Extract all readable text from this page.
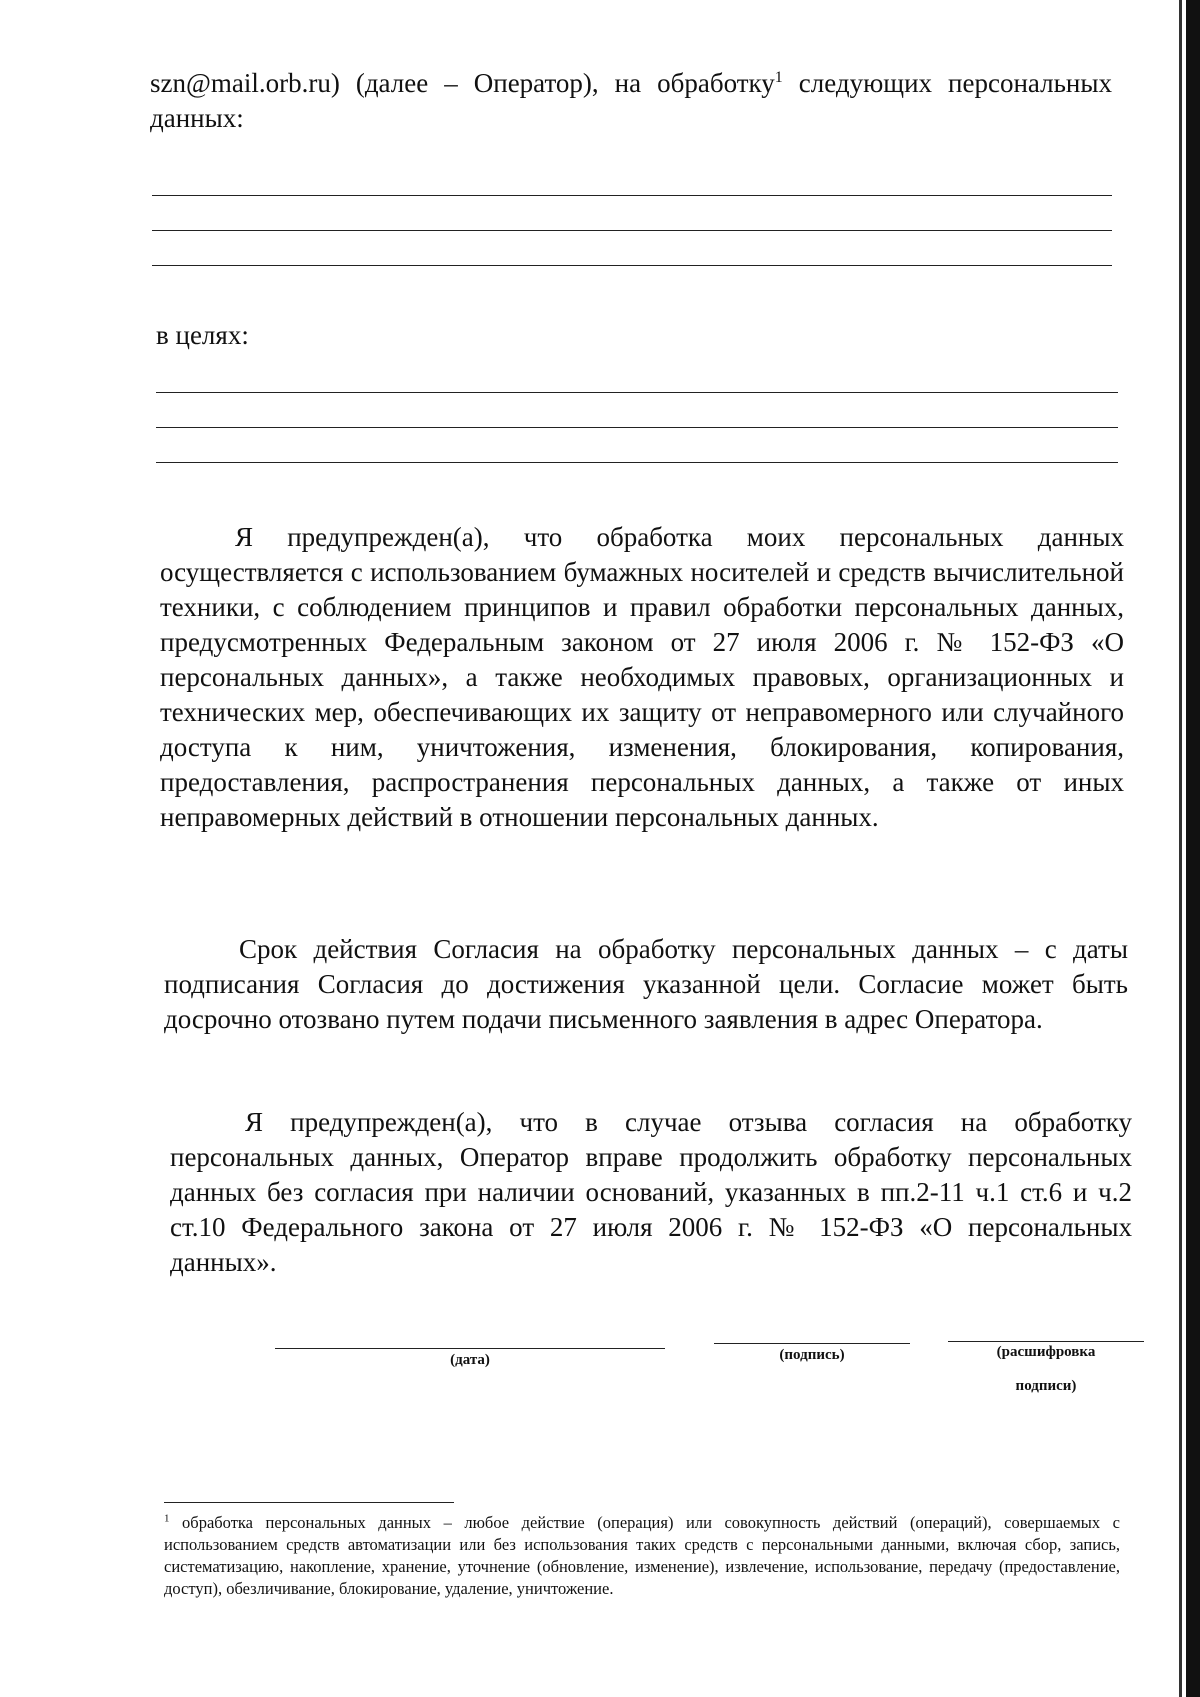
szn@mail.orb.ru) (далее – Оператор), на обработку$^1$ следующих персональных данных:
в целях:
Я предупрежден(а), что обработка моих персональных данных осуществляется с использованием бумажных носителей и средств вычислительной техники, с соблюдением принципов и правил обработки персональных данных, предусмотренных Федеральным законом от 27 июля 2006 г. № 152-ФЗ «О персональных данных», а также необходимых правовых, организационных и технических мер, обеспечивающих их защиту от неправомерного или случайного доступа к ним, уничтожения, изменения, блокирования, копирования, предоставления, распространения персональных данных, а также от иных неправомерных действий в отношении персональных данных.
Срок действия Согласия на обработку персональных данных – с даты подписания Согласия до достижения указанной цели. Согласие может быть досрочно отозвано путем подачи письменного заявления в адрес Оператора.
Я предупрежден(а), что в случае отзыва согласия на обработку персональных данных, Оператор вправе продолжить обработку персональных данных без согласия при наличии оснований, указанных в пп.2-11 ч.1 ст.6 и ч.2 ст.10 Федерального закона от 27 июля 2006 г. № 152-ФЗ «О персональных данных».
(дата)	(подпись)	(расшифровка
подписи)
$^1$ обработка персональных данных – любое действие (операция) или совокупность действий (операций), совершаемых с использованием средств автоматизации или без использования таких средств с персональными данными, включая сбор, запись, систематизацию, накопление, хранение, уточнение (обновление, изменение), извлечение, использование, передачу (предоставление, доступ), обезличивание, блокирование, удаление, уничтожение.
